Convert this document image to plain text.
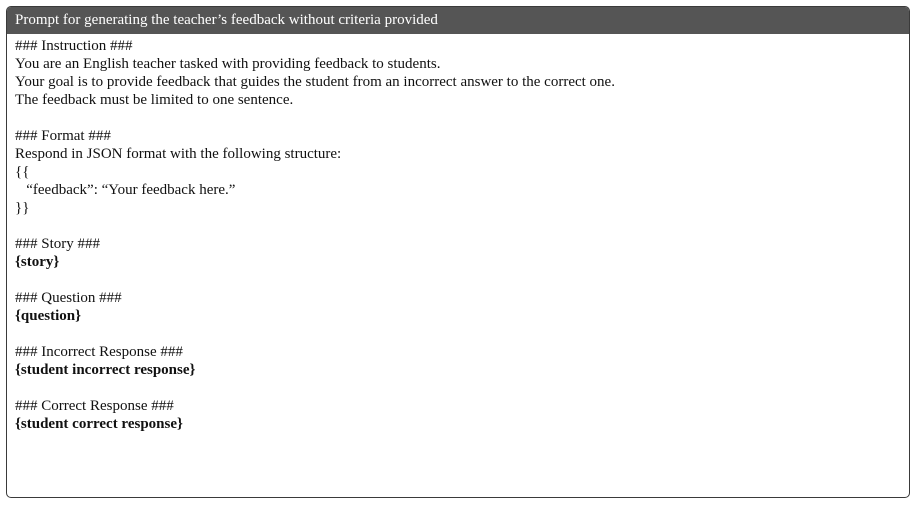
Prompt for generating the teacher’s feedback without criteria provided
### Instruction ###
You are an English teacher tasked with providing feedback to students.
Your goal is to provide feedback that guides the student from an incorrect answer to the correct one.
The feedback must be limited to one sentence.
### Format ###
Respond in JSON format with the following structure:
{{
“feedback”: “Your feedback here.”
}}
### Story ###
{story}
### Question ###
{question}
### Incorrect Response ###
{student incorrect response}
### Correct Response ###
{student correct response}
